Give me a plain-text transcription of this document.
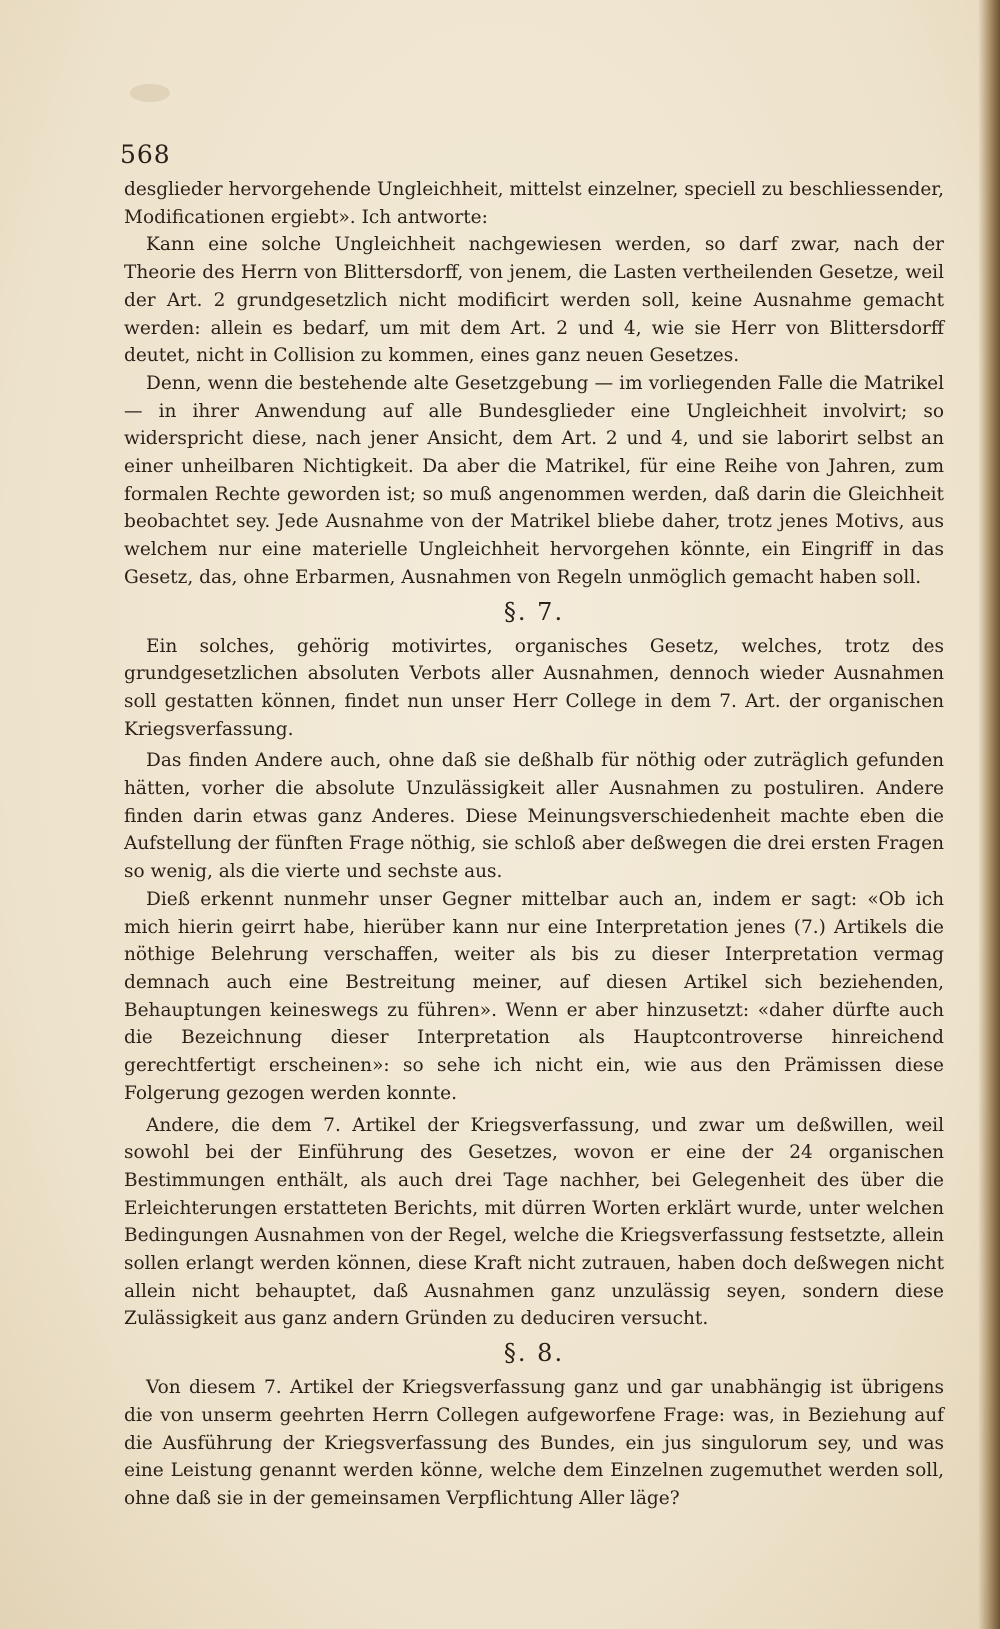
568

desglieder hervorgehende Ungleichheit, mittelst einzelner, speciell zu beschliessender, Modificationen ergiebt». Ich antworte:

Kann eine solche Ungleichheit nachgewiesen werden, so darf zwar, nach der Theorie des Herrn von Blittersdorff, von jenem, die Lasten vertheilenden Gesetze, weil der Art. 2 grundgesetzlich nicht modificirt werden soll, keine Ausnahme gemacht werden: allein es bedarf, um mit dem Art. 2 und 4, wie sie Herr von Blittersdorff deutet, nicht in Collision zu kommen, eines ganz neuen Gesetzes.

Denn, wenn die bestehende alte Gesetzgebung — im vorliegenden Falle die Matrikel — in ihrer Anwendung auf alle Bundesglieder eine Ungleichheit involvirt; so widerspricht diese, nach jener Ansicht, dem Art. 2 und 4, und sie laborirt selbst an einer unheilbaren Nichtigkeit. Da aber die Matrikel, für eine Reihe von Jahren, zum formalen Rechte geworden ist; so muß angenommen werden, daß darin die Gleichheit beobachtet sey. Jede Ausnahme von der Matrikel bliebe daher, trotz jenes Motivs, aus welchem nur eine materielle Ungleichheit hervorgehen könnte, ein Eingriff in das Gesetz, das, ohne Erbarmen, Ausnahmen von Regeln unmöglich gemacht haben soll.

§. 7.

Ein solches, gehörig motivirtes, organisches Gesetz, welches, trotz des grundgesetzlichen absoluten Verbots aller Ausnahmen, dennoch wieder Ausnahmen soll gestatten können, findet nun unser Herr College in dem 7. Art. der organischen Kriegsverfassung.

Das finden Andere auch, ohne daß sie deßhalb für nöthig oder zuträglich gefunden hätten, vorher die absolute Unzulässigkeit aller Ausnahmen zu postuliren. Andere finden darin etwas ganz Anderes. Diese Meinungsverschiedenheit machte eben die Aufstellung der fünften Frage nöthig, sie schloß aber deßwegen die drei ersten Fragen so wenig, als die vierte und sechste aus.

Dieß erkennt nunmehr unser Gegner mittelbar auch an, indem er sagt: «Ob ich mich hierin geirrt habe, hierüber kann nur eine Interpretation jenes (7.) Artikels die nöthige Belehrung verschaffen, weiter als bis zu dieser Interpretation vermag demnach auch eine Bestreitung meiner, auf diesen Artikel sich beziehenden, Behauptungen keineswegs zu führen». Wenn er aber hinzusetzt: «daher dürfte auch die Bezeichnung dieser Interpretation als Hauptcontroverse hinreichend gerechtfertigt erscheinen»: so sehe ich nicht ein, wie aus den Prämissen diese Folgerung gezogen werden konnte.

Andere, die dem 7. Artikel der Kriegsverfassung, und zwar um deßwillen, weil sowohl bei der Einführung des Gesetzes, wovon er eine der 24 organischen Bestimmungen enthält, als auch drei Tage nachher, bei Gelegenheit des über die Erleichterungen erstatteten Berichts, mit dürren Worten erklärt wurde, unter welchen Bedingungen Ausnahmen von der Regel, welche die Kriegsverfassung festsetzte, allein sollen erlangt werden können, diese Kraft nicht zutrauen, haben doch deßwegen nicht allein nicht behauptet, daß Ausnahmen ganz unzulässig seyen, sondern diese Zulässigkeit aus ganz andern Gründen zu deduciren versucht.

§. 8.

Von diesem 7. Artikel der Kriegsverfassung ganz und gar unabhängig ist übrigens die von unserm geehrten Herrn Collegen aufgeworfene Frage: was, in Beziehung auf die Ausführung der Kriegsverfassung des Bundes, ein jus singulorum sey, und was eine Leistung genannt werden könne, welche dem Einzelnen zugemuthet werden soll, ohne daß sie in der gemeinsamen Verpflichtung Aller läge?
